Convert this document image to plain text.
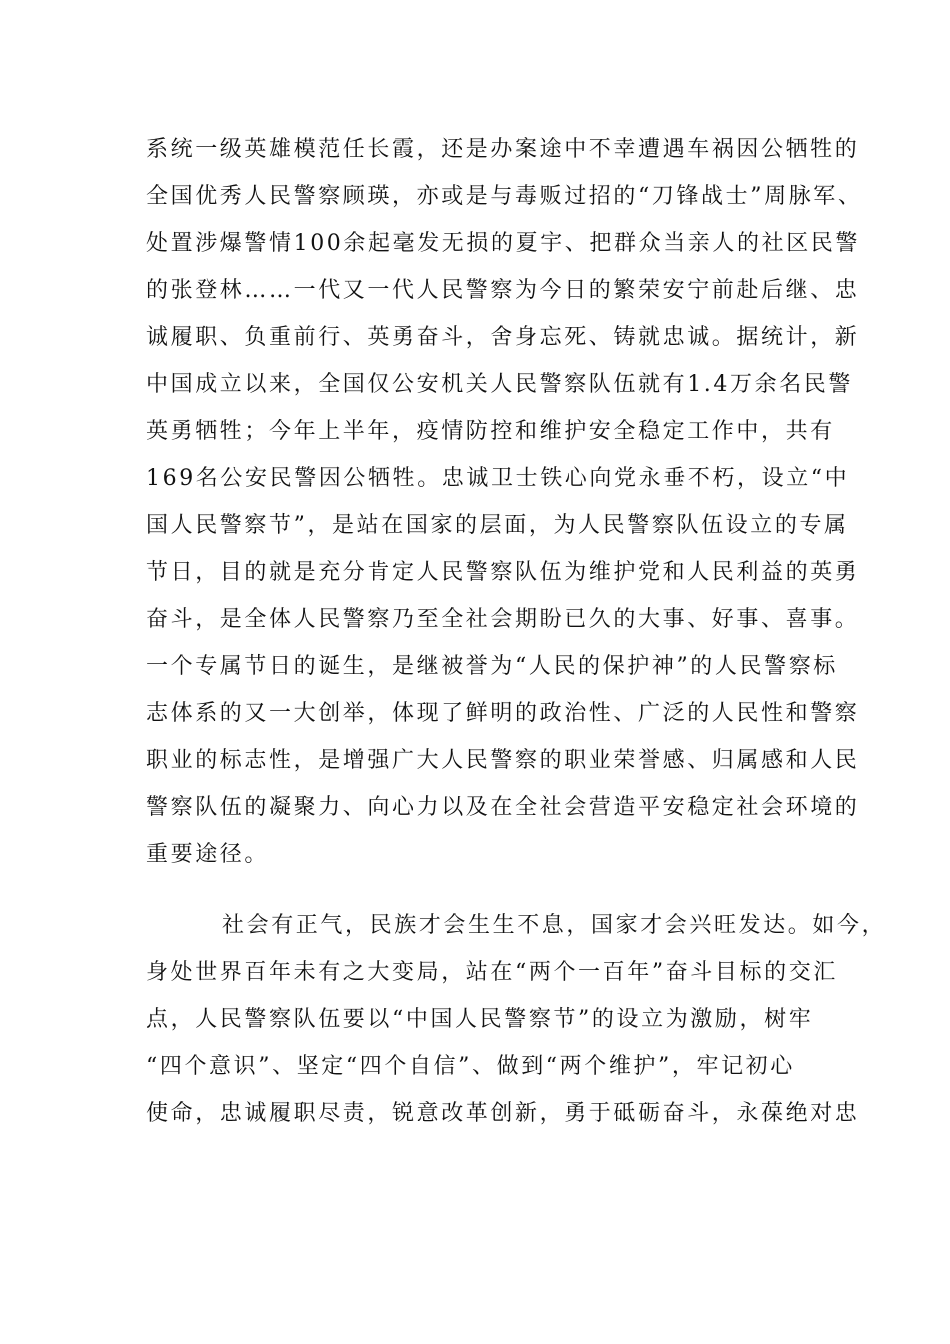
系统一级英雄模范任长霞，还是办案途中不幸遭遇车祸因公牺牲的

全国优秀人民警察顾瑛，亦或是与毒贩过招的“刀锋战士”周脉军、

处置涉爆警情100余起毫发无损的夏宇、把群众当亲人的社区民警

的张登林……一代又一代人民警察为今日的繁荣安宁前赴后继、忠

诚履职、负重前行、英勇奋斗，舍身忘死、铸就忠诚。据统计，新

中国成立以来，全国仅公安机关人民警察队伍就有1.4万余名民警

英勇牺牲；今年上半年，疫情防控和维护安全稳定工作中，共有

169名公安民警因公牺牲。忠诚卫士铁心向党永垂不朽，设立“中

国人民警察节”，是站在国家的层面，为人民警察队伍设立的专属

节日，目的就是充分肯定人民警察队伍为维护党和人民利益的英勇

奋斗，是全体人民警察乃至全社会期盼已久的大事、好事、喜事。

一个专属节日的诞生，是继被誉为“人民的保护神”的人民警察标

志体系的又一大创举，体现了鲜明的政治性、广泛的人民性和警察

职业的标志性，是增强广大人民警察的职业荣誉感、归属感和人民

警察队伍的凝聚力、向心力以及在全社会营造平安稳定社会环境的

重要途径。

社会有正气，民族才会生生不息，国家才会兴旺发达。如今，

身处世界百年未有之大变局，站在“两个一百年”奋斗目标的交汇

点，人民警察队伍要以“中国人民警察节”的设立为激励，树牢

“四个意识”、坚定“四个自信”、做到“两个维护”，牢记初心

使命，忠诚履职尽责，锐意改革创新，勇于砥砺奋斗，永葆绝对忠
